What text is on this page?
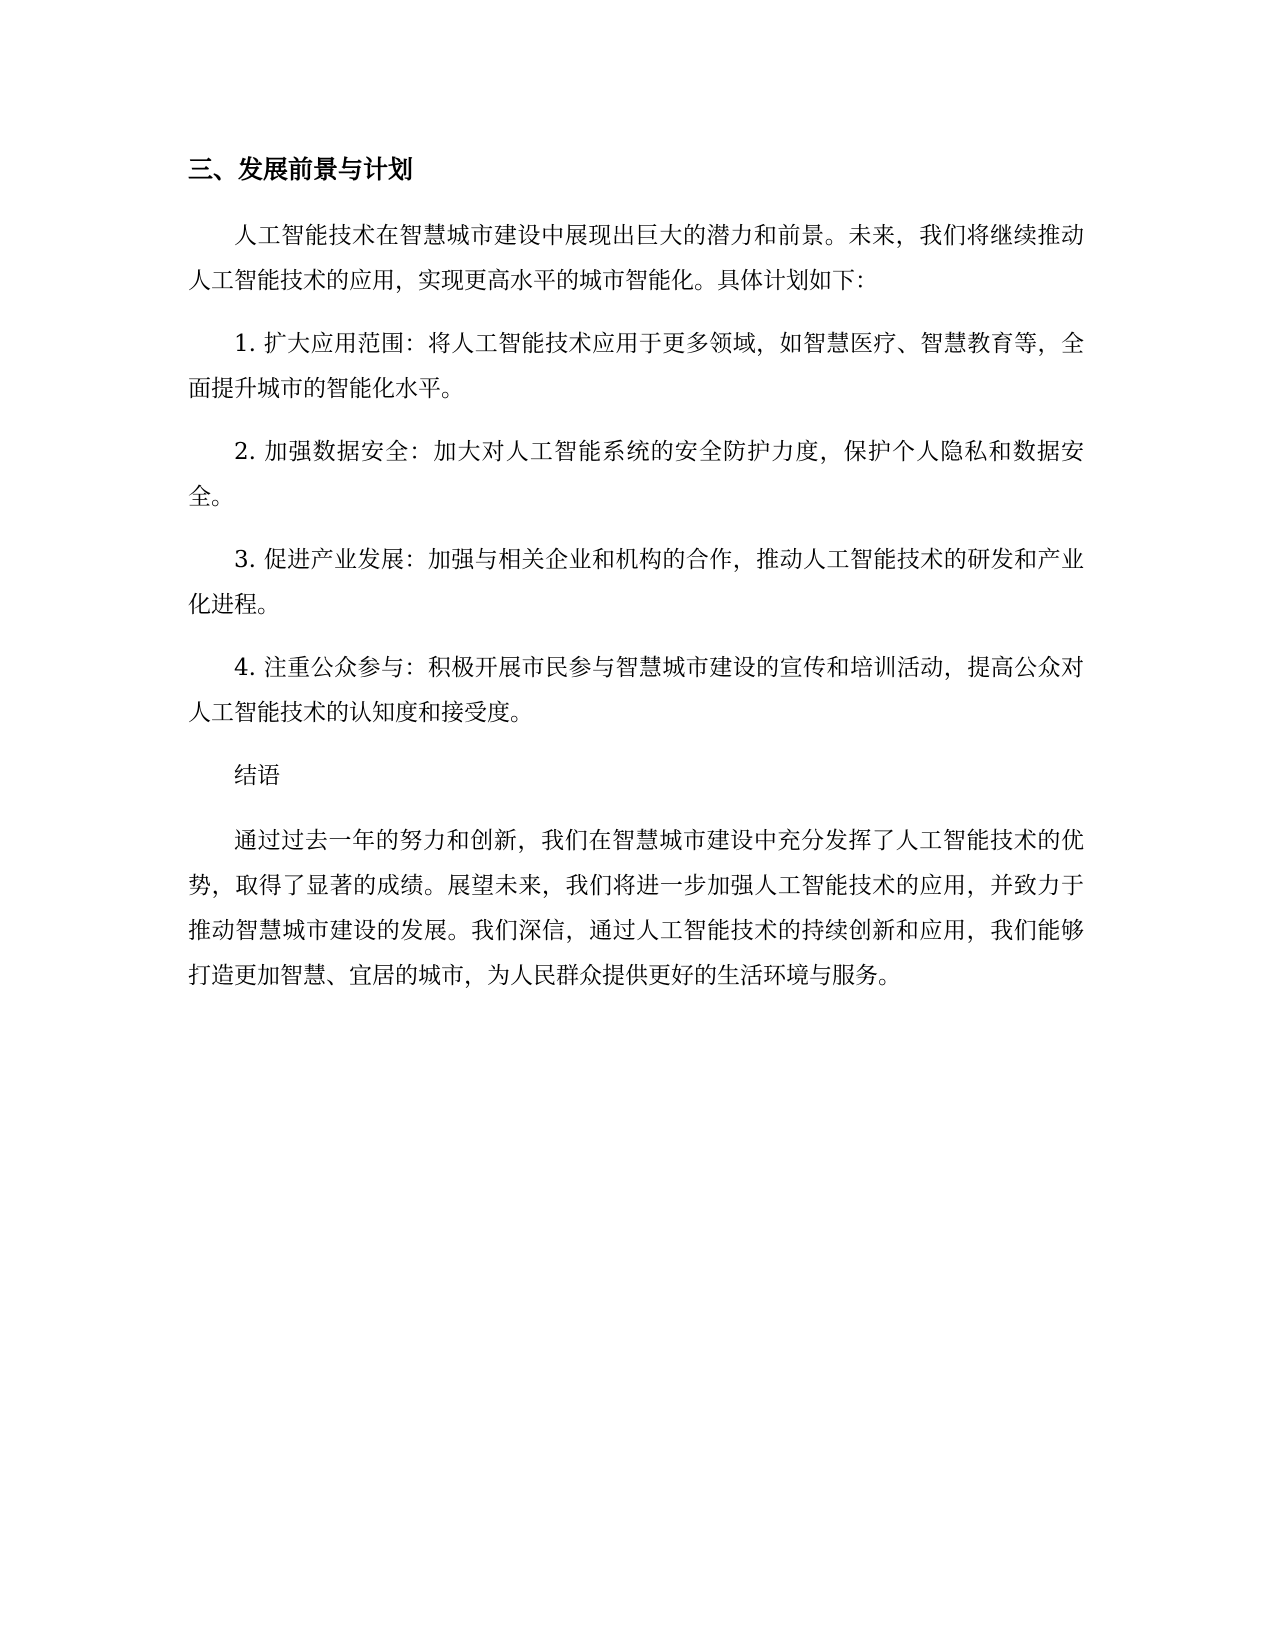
三、发展前景与计划

人工智能技术在智慧城市建设中展现出巨大的潜力和前景。未来，我们将继续推动人工智能技术的应用，实现更高水平的城市智能化。具体计划如下：

1. 扩大应用范围：将人工智能技术应用于更多领域，如智慧医疗、智慧教育等，全面提升城市的智能化水平。

2. 加强数据安全：加大对人工智能系统的安全防护力度，保护个人隐私和数据安全。

3. 促进产业发展：加强与相关企业和机构的合作，推动人工智能技术的研发和产业化进程。

4. 注重公众参与：积极开展市民参与智慧城市建设的宣传和培训活动，提高公众对人工智能技术的认知度和接受度。

结语

通过过去一年的努力和创新，我们在智慧城市建设中充分发挥了人工智能技术的优势，取得了显著的成绩。展望未来，我们将进一步加强人工智能技术的应用，并致力于推动智慧城市建设的发展。我们深信，通过人工智能技术的持续创新和应用，我们能够打造更加智慧、宜居的城市，为人民群众提供更好的生活环境与服务。
